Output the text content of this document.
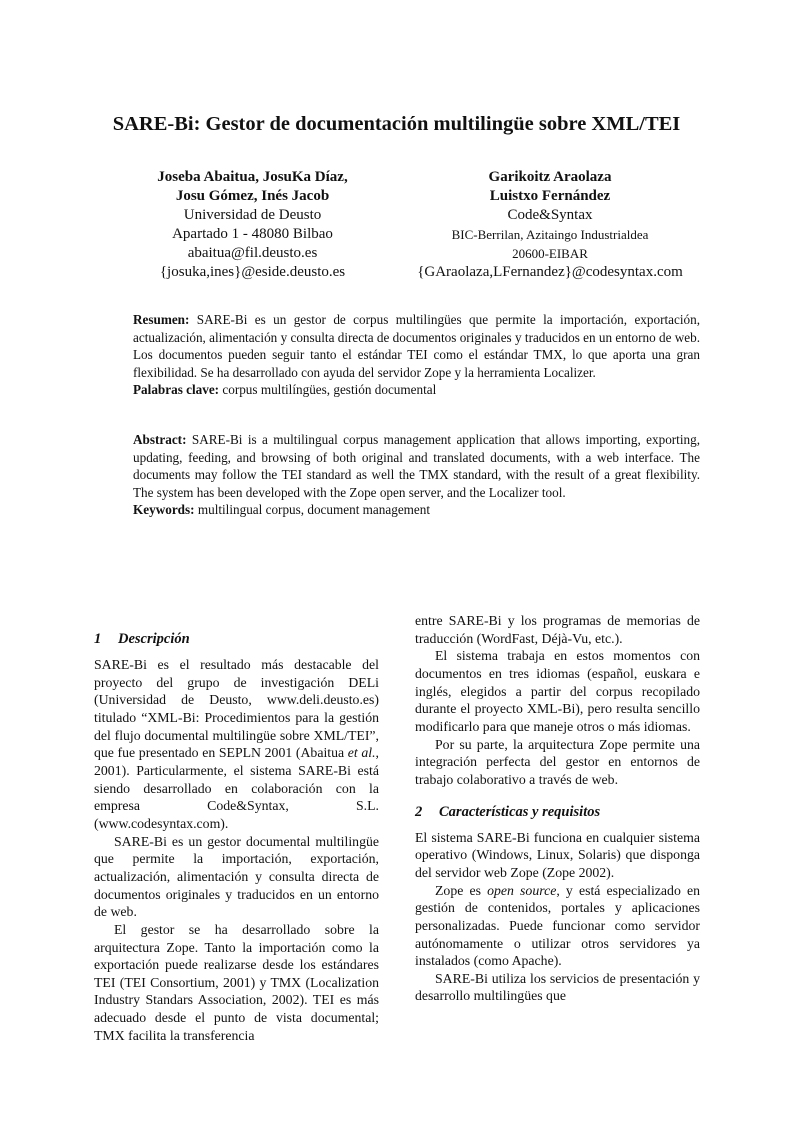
SARE-Bi: Gestor de documentación multilingüe sobre XML/TEI
Joseba Abaitua, JosuKa Díaz,
Josu Gómez, Inés Jacob
Universidad de Deusto
Apartado 1 - 48080 Bilbao
abaitua@fil.deusto.es
{josuka,ines}@eside.deusto.es
Garikoitz Araolaza
Luistxo Fernández
Code&Syntax
BIC-Berrilan, Azitaingo Industrialdea
20600-EIBAR
{GAraolaza,LFernandez}@codesyntax.com

Resumen: SARE-Bi es un gestor de corpus multilingües que permite la importación, exportación, actualización, alimentación y consulta directa de documentos originales y traducidos en un entorno de web. Los documentos pueden seguir tanto el estándar TEI como el estándar TMX, lo que aporta una gran flexibilidad. Se ha desarrollado con ayuda del servidor Zope y la herramienta Localizer.

Palabras clave: corpus multilíngües, gestión documental

Abstract: SARE-Bi is a multilingual corpus management application that allows importing, exporting, updating, feeding, and browsing of both original and translated documents, with a web interface. The documents may follow the TEI standard as well the TMX standard, with the result of a great flexibility. The system has been developed with the Zope open server, and the Localizer tool.

Keywords: multilingual corpus, document management

1 Descripción

SARE-Bi es el resultado más destacable del proyecto del grupo de investigación DELi (Universidad de Deusto, www.deli.deusto.es) titulado “XML-Bi: Procedimientos para la gestión del flujo documental multilingüe sobre XML/TEI”, que fue presentado en SEPLN 2001 (Abaitua et al., 2001). Particularmente, el sistema SARE-Bi está siendo desarrollado en colaboración con la empresa Code&Syntax, S.L. (www.codesyntax.com).

SARE-Bi es un gestor documental multilingüe que permite la importación, exportación, actualización, alimentación y consulta directa de documentos originales y traducidos en un entorno de web.

El gestor se ha desarrollado sobre la arquitectura Zope. Tanto la importación como la exportación puede realizarse desde los estándares TEI (TEI Consortium, 2001) y TMX (Localization Industry Standars Association, 2002). TEI es más adecuado desde el punto de vista documental; TMX facilita la transferencia

entre SARE-Bi y los programas de memorias de traducción (WordFast, Déjà-Vu, etc.).

El sistema trabaja en estos momentos con documentos en tres idiomas (español, euskara e inglés, elegidos a partir del corpus recopilado durante el proyecto XML-Bi), pero resulta sencillo modificarlo para que maneje otros o más idiomas.

Por su parte, la arquitectura Zope permite una integración perfecta del gestor en entornos de trabajo colaborativo a través de web.

2 Características y requisitos

El sistema SARE-Bi funciona en cualquier sistema operativo (Windows, Linux, Solaris) que disponga del servidor web Zope (Zope 2002).

Zope es open source, y está especializado en gestión de contenidos, portales y aplicaciones personalizadas. Puede funcionar como servidor autónomamente o utilizar otros servidores ya instalados (como Apache).

SARE-Bi utiliza los servicios de presentación y desarrollo multilingües que
